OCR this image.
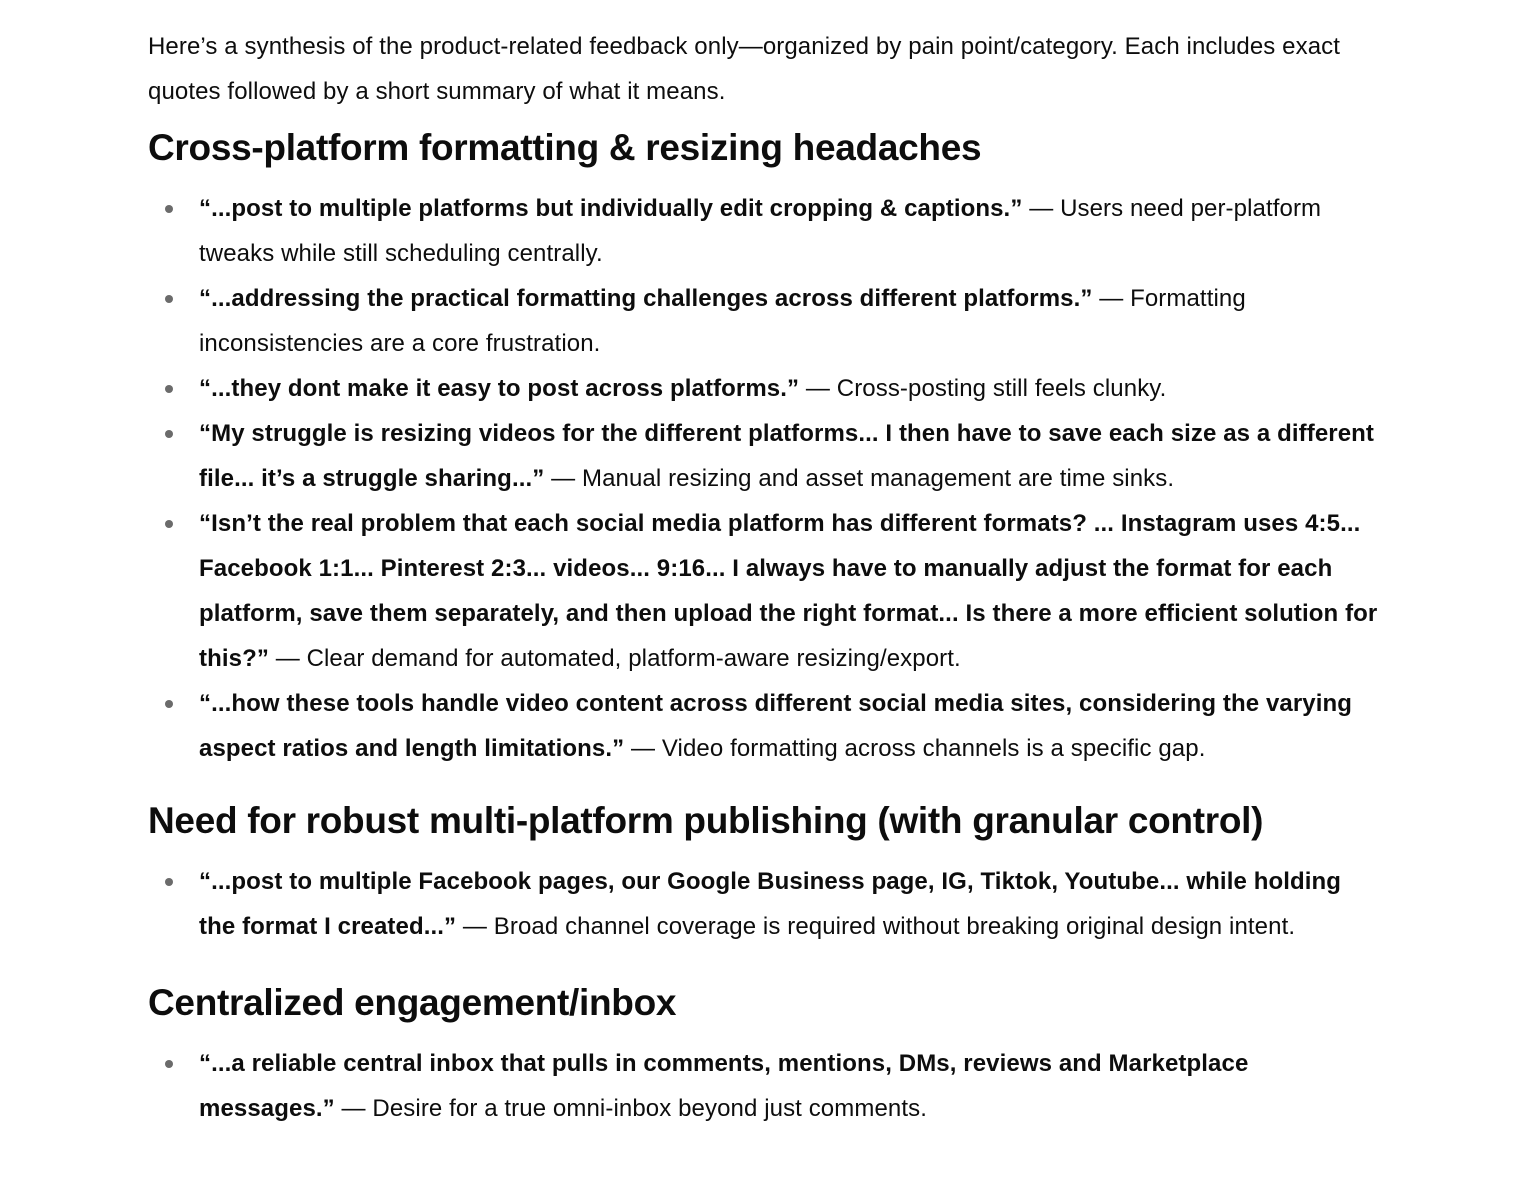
Here’s a synthesis of the product-related feedback only—organized by pain point/category. Each includes exact quotes followed by a short summary of what it means.

Cross-platform formatting & resizing headaches
“...post to multiple platforms but individually edit cropping & captions.” — Users need per-platform tweaks while still scheduling centrally.
“...addressing the practical formatting challenges across different platforms.” — Formatting inconsistencies are a core frustration.
“...they dont make it easy to post across platforms.” — Cross-posting still feels clunky.
“My struggle is resizing videos for the different platforms... I then have to save each size as a different file... it’s a struggle sharing...” — Manual resizing and asset management are time sinks.
“Isn’t the real problem that each social media platform has different formats? ... Instagram uses 4:5... Facebook 1:1... Pinterest 2:3... videos... 9:16... I always have to manually adjust the format for each platform, save them separately, and then upload the right format... Is there a more efficient solution for this?” — Clear demand for automated, platform-aware resizing/export.
“...how these tools handle video content across different social media sites, considering the varying aspect ratios and length limitations.” — Video formatting across channels is a specific gap.
Need for robust multi-platform publishing (with granular control)
“...post to multiple Facebook pages, our Google Business page, IG, Tiktok, Youtube... while holding the format I created...” — Broad channel coverage is required without breaking original design intent.
Centralized engagement/inbox
“...a reliable central inbox that pulls in comments, mentions, DMs, reviews and Marketplace messages.” — Desire for a true omni-inbox beyond just comments.
